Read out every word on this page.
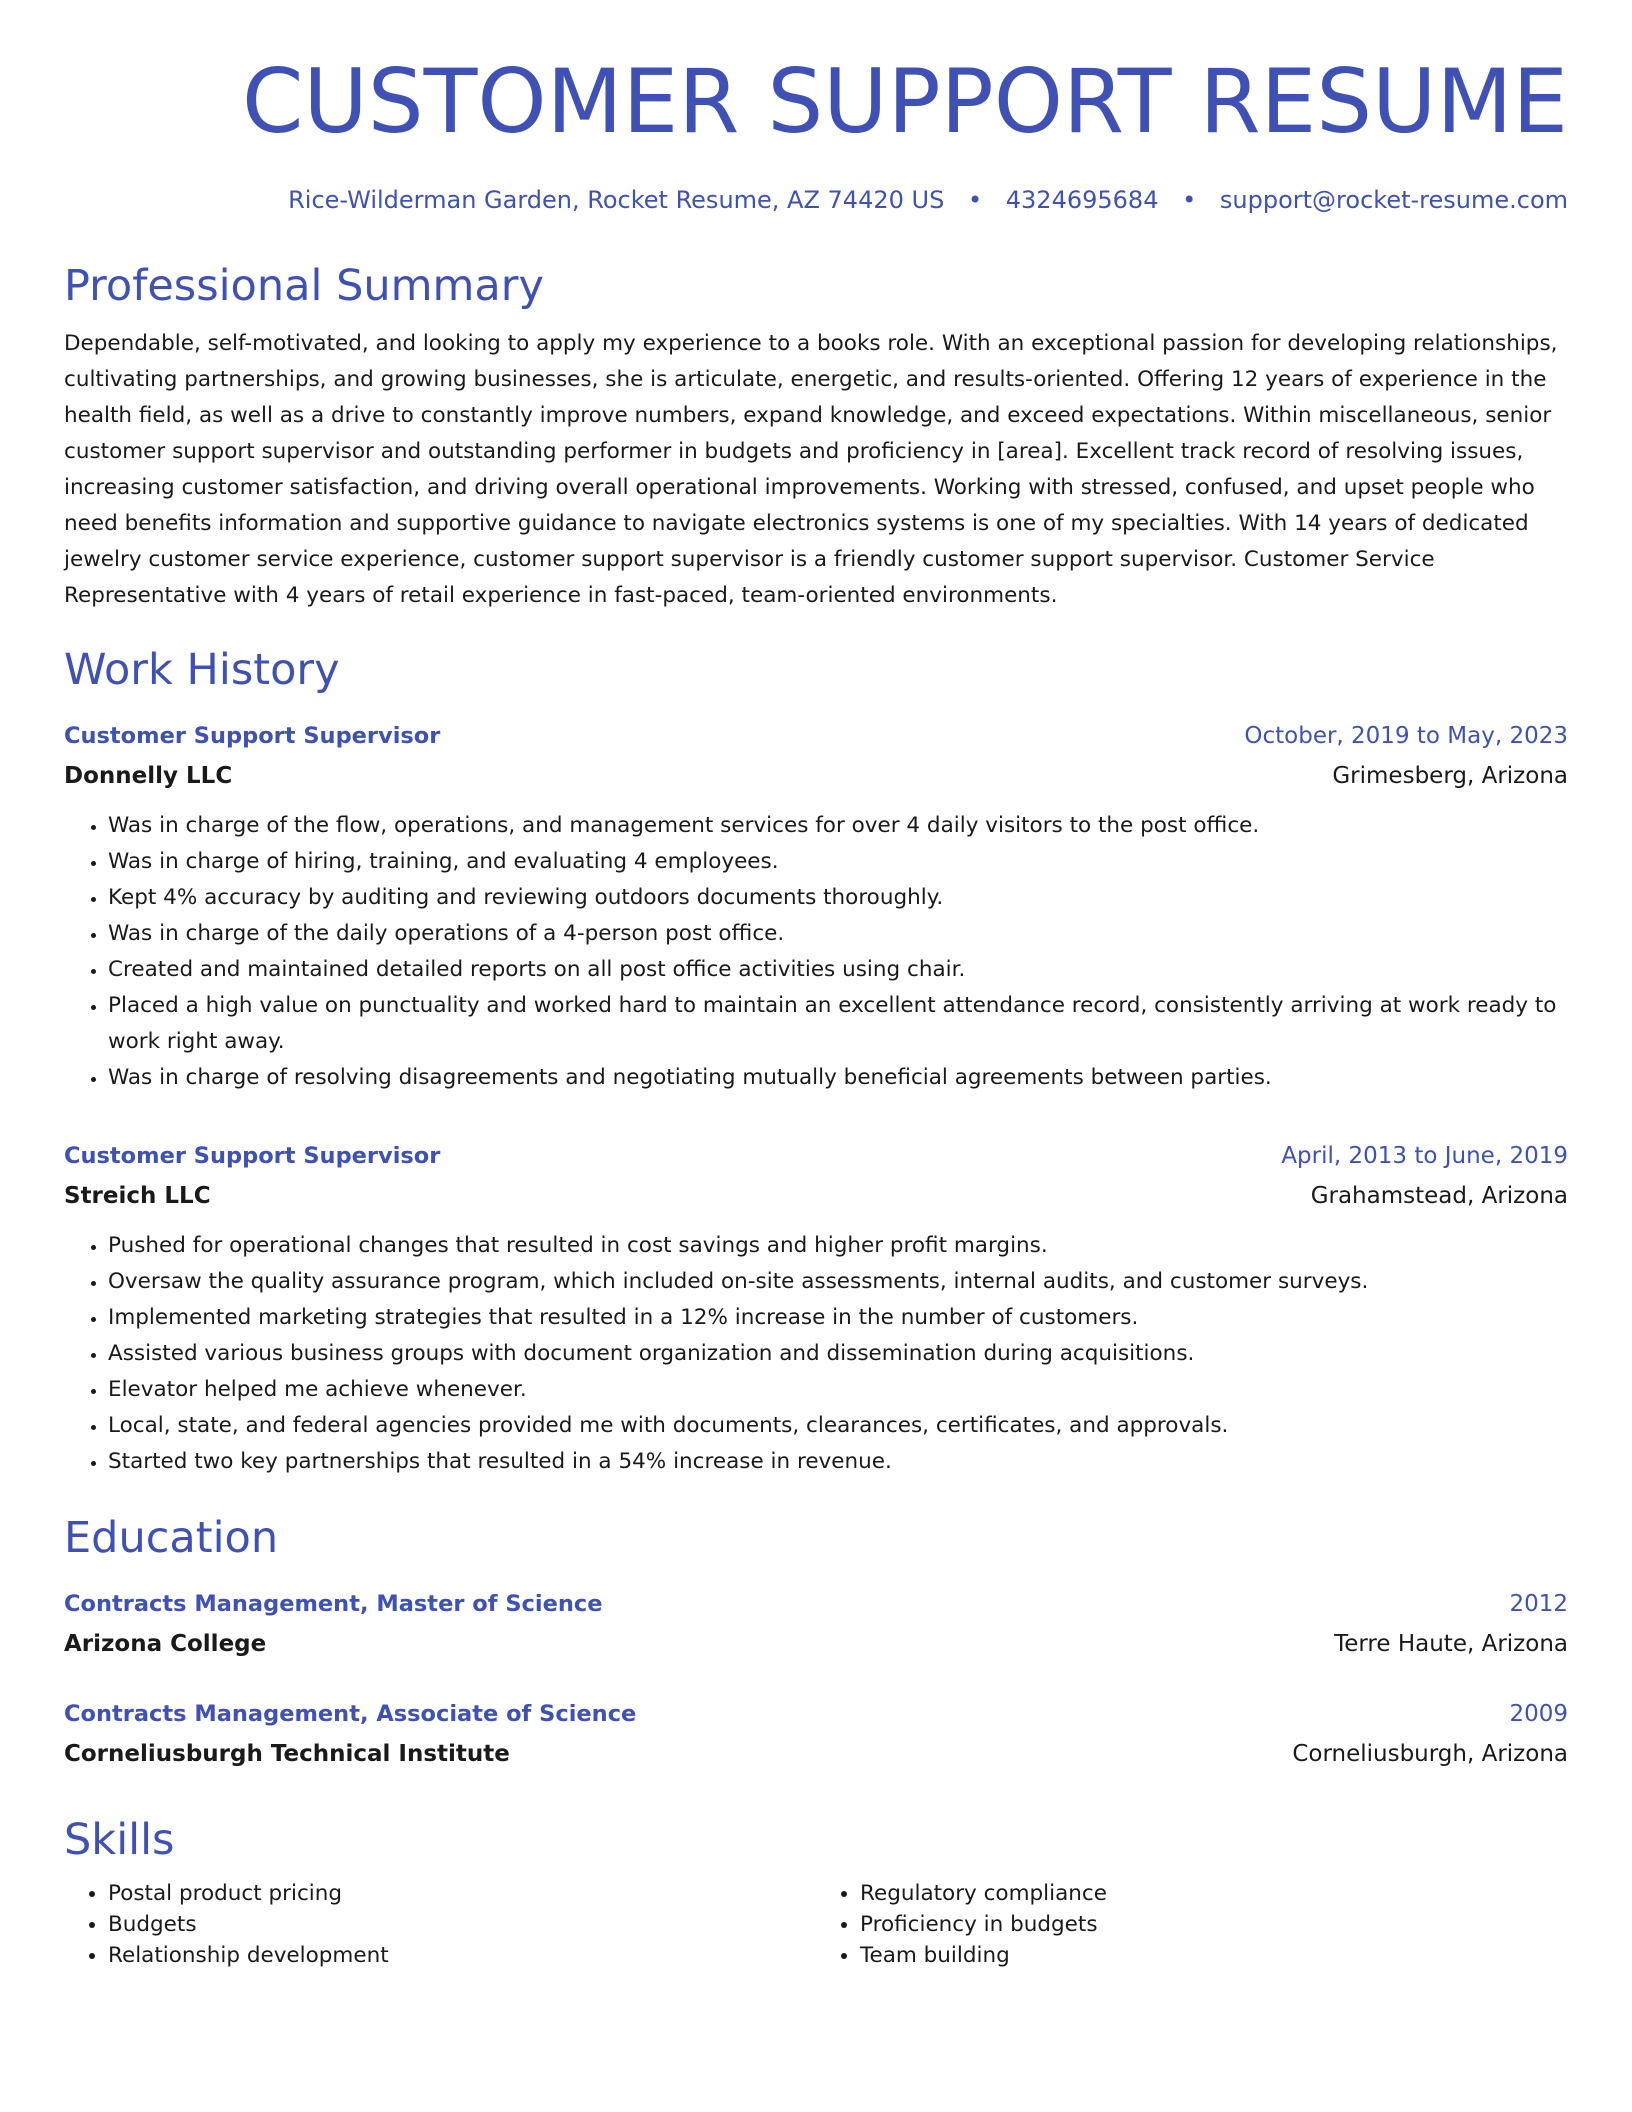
CUSTOMER SUPPORT RESUME
Rice-Wilderman Garden, Rocket Resume, AZ 74420 US • 4324695684 • support@rocket-resume.com
Professional Summary
Dependable, self-motivated, and looking to apply my experience to a books role. With an exceptional passion for developing relationships, cultivating partnerships, and growing businesses, she is articulate, energetic, and results-oriented. Offering 12 years of experience in the health field, as well as a drive to constantly improve numbers, expand knowledge, and exceed expectations. Within miscellaneous, senior customer support supervisor and outstanding performer in budgets and proficiency in [area]. Excellent track record of resolving issues, increasing customer satisfaction, and driving overall operational improvements. Working with stressed, confused, and upset people who need benefits information and supportive guidance to navigate electronics systems is one of my specialties. With 14 years of dedicated jewelry customer service experience, customer support supervisor is a friendly customer support supervisor. Customer Service Representative with 4 years of retail experience in fast-paced, team-oriented environments.
Work History
Customer Support Supervisor	October, 2019 to May, 2023
Donnelly LLC	Grimesberg, Arizona
• Was in charge of the flow, operations, and management services for over 4 daily visitors to the post office.
• Was in charge of hiring, training, and evaluating 4 employees.
• Kept 4% accuracy by auditing and reviewing outdoors documents thoroughly.
• Was in charge of the daily operations of a 4-person post office.
• Created and maintained detailed reports on all post office activities using chair.
• Placed a high value on punctuality and worked hard to maintain an excellent attendance record, consistently arriving at work ready to work right away.
• Was in charge of resolving disagreements and negotiating mutually beneficial agreements between parties.
Customer Support Supervisor	April, 2013 to June, 2019
Streich LLC	Grahamstead, Arizona
• Pushed for operational changes that resulted in cost savings and higher profit margins.
• Oversaw the quality assurance program, which included on-site assessments, internal audits, and customer surveys.
• Implemented marketing strategies that resulted in a 12% increase in the number of customers.
• Assisted various business groups with document organization and dissemination during acquisitions.
• Elevator helped me achieve whenever.
• Local, state, and federal agencies provided me with documents, clearances, certificates, and approvals.
• Started two key partnerships that resulted in a 54% increase in revenue.
Education
Contracts Management, Master of Science	2012
Arizona College	Terre Haute, Arizona
Contracts Management, Associate of Science	2009
Corneliusburgh Technical Institute	Corneliusburgh, Arizona
Skills
• Postal product pricing
• Budgets
• Relationship development
• Regulatory compliance
• Proficiency in budgets
• Team building
